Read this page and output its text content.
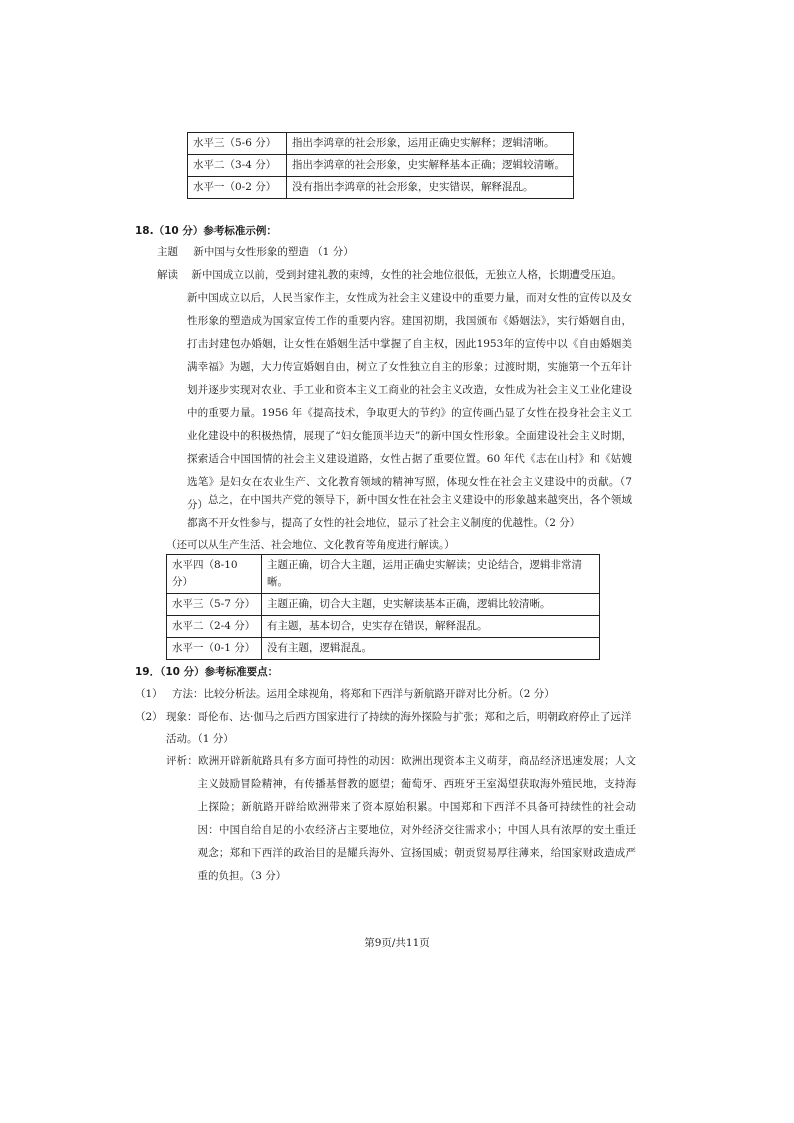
水平三（5-6 分）	指出李鸿章的社会形象，运用正确史实解释；逻辑清晰。
水平二（3-4 分）	指出李鸿章的社会形象，史实解释基本正确；逻辑较清晰。
水平一（0-2 分）	没有指出李鸿章的社会形象，史实错误，解释混乱。
18.（10 分）参考标准示例：
主题 新中国与女性形象的塑造 （1 分）
解读 新中国成立以前，受到封建礼教的束缚，女性的社会地位很低，无独立人格，长期遭受压迫。
新中国成立以后，人民当家作主，女性成为社会主义建设中的重要力量，而对女性的宣传以及女性形象的塑造成为国家宣传工作的重要内容。建国初期，我国颁布《婚姻法》，实行婚姻自由，打击封建包办婚姻，让女性在婚姻生活中掌握了自主权，因此1953年的宣传中以《自由婚姻美满幸福》为题，大力传宣婚姻自由，树立了女性独立自主的形象；过渡时期，实施第一个五年计划并逐步实现对农业、手工业和资本主义工商业的社会主义改造，女性成为社会主义工业化建设中的重要力量。1956 年《提高技术，争取更大的节约》的宣传画凸显了女性在投身社会主义工业化建设中的积极热情，展现了“妇女能顶半边天”的新中国女性形象。全面建设社会主义时期，探索适合中国国情的社会主义建设道路，女性占据了重要位置。60 年代《志在山村》和《姑嫂选笔》是妇女在农业生产、文化教育领域的精神写照，体现女性在社会主义建设中的贡献。（7 分） 总之，在中国共产党的领导下，新中国女性在社会主义建设中的形象越来越突出，各个领域都离不开女性参与，提高了女性的社会地位，显示了社会主义制度的优越性。（2 分）
（还可以从生产生活、社会地位、文化教育等角度进行解读。）
水平四（8-10 分）	主题正确，切合大主题，运用正确史实解读；史论结合，逻辑非常清晰。
水平三（5-7 分）	主题正确，切合大主题，史实解读基本正确，逻辑比较清晰。
水平二（2-4 分）	有主题，基本切合，史实存在错误，解释混乱。
水平一（0-1 分）	没有主题，逻辑混乱。
19．（10 分）参考标准要点：
（1） 方法：比较分析法。运用全球视角，将郑和下西洋与新航路开辟对比分析。（2 分）
（2） 现象：哥伦布、达·伽马之后西方国家进行了持续的海外探险与扩张；郑和之后，明朝政府停止了远洋活动。（1 分）
评析：欧洲开辟新航路具有多方面可持性的动因：欧洲出现资本主义萌芽，商品经济迅速发展；人文主义鼓励冒险精神，有传播基督教的愿望；葡萄牙、西班牙王室渴望获取海外殖民地，支持海上探险；新航路开辟给欧洲带来了资本原始积累。中国郑和下西洋不具备可持续性的社会动因：中国自给自足的小农经济占主要地位，对外经济交往需求小；中国人具有浓厚的安土重迁观念；郑和下西洋的政治目的是耀兵海外、宣扬国威；朝贡贸易厚往薄来，给国家财政造成严重的负担。（3 分）
第9页/共11页
